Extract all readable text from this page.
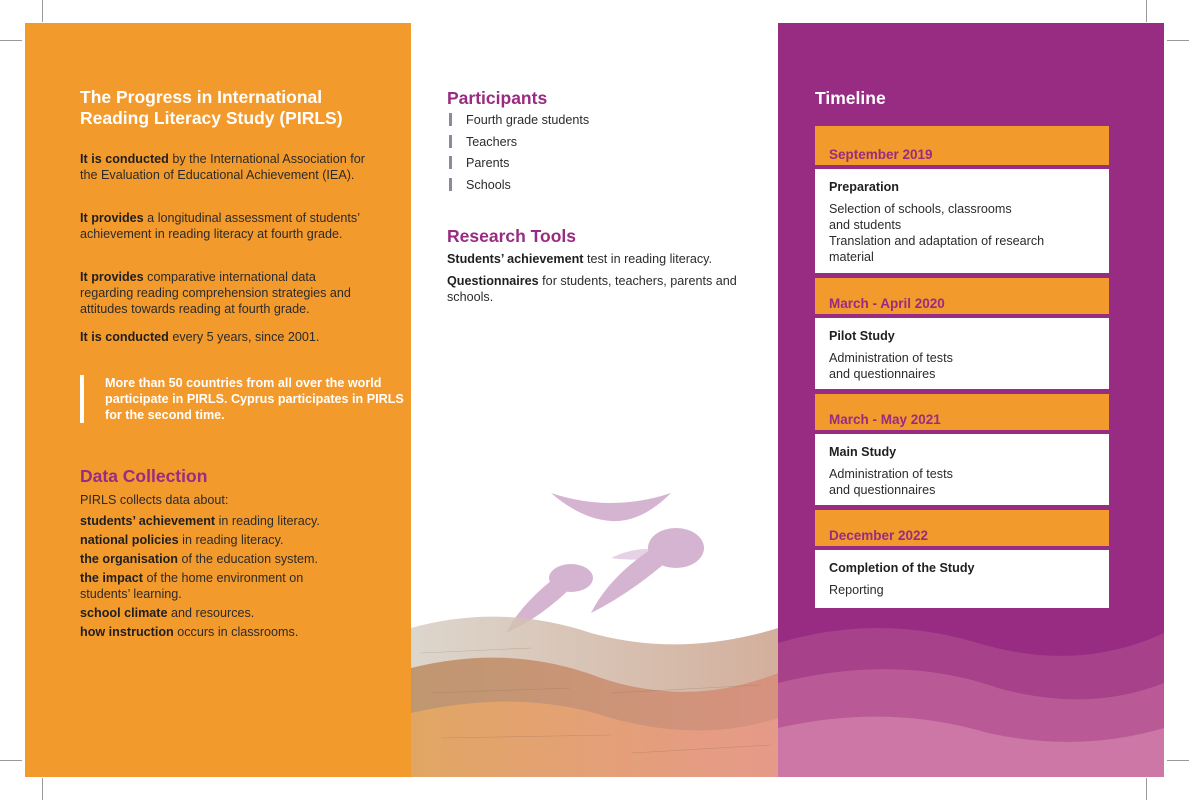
The Progress in International
Reading Literacy Study (PIRLS)
It is conducted by the International Association for the Evaluation of Educational Achievement (IEA).
It provides a longitudinal assessment of students’ achievement in reading literacy at fourth grade.
It provides comparative international data regarding reading comprehension strategies and attitudes towards reading at fourth grade.
It is conducted every 5 years, since 2001.
More than 50 countries from all over the world participate in PIRLS. Cyprus participates in PIRLS for the second time.
Data Collection
PIRLS collects data about:
students’ achievement in reading literacy.
national policies in reading literacy.
the organisation of the education system.
the impact of the home environment on students’ learning.
school climate and resources.
how instruction occurs in classrooms.
Participants
Fourth grade students
Teachers
Parents
Schools
Research Tools
Students’ achievement test in reading literacy.
Questionnaires for students, teachers, parents and schools.
Timeline
September 2019
Preparation
Selection of schools, classrooms
and students
Translation and adaptation of research
material
March - April 2020
Pilot Study
Administration of tests
and questionnaires
March - May 2021
Main Study
Administration of tests
and questionnaires
December 2022
Completion of the Study
Reporting
